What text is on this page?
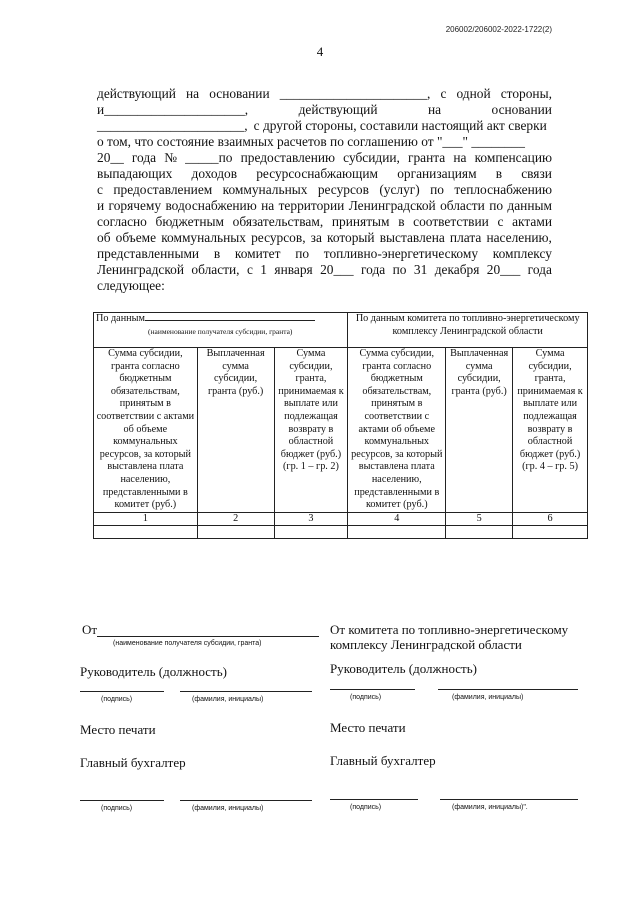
206002/206002-2022-1722(2)
4
действующий на основании ______________________, с одной стороны,
и_____________________,	действующий	на	основании
______________________, с другой стороны, составили настоящий акт сверки
о том, что состояние взаимных расчетов по соглашению от "___" ________
20__ года № _____по предоставлению субсидии, гранта на компенсацию
выпадающих доходов ресурсоснабжающим организациям в связи
с предоставлением коммунальных ресурсов (услуг) по теплоснабжению
и горячему водоснабжению на территории Ленинградской области по данным
согласно бюджетным обязательствам, принятым в соответствии с актами
об объеме коммунальных ресурсов, за который выставлена плата населению,
представленными в комитет по топливно-энергетическому комплексу
Ленинградской области, с 1 января 20___ года по 31 декабря 20___ года
следующее:
По данным
(наименование получателя субсидии, гранта)			По данным комитета по топливно-энергетическому комплексу Ленинградской области		
Сумма субсидии, гранта согласно бюджетным обязательствам, принятым в соответствии с актами об объеме коммунальных ресурсов, за который выставлена плата населению, представленными в комитет (руб.)	Выплаченная сумма субсидии, гранта (руб.)	Сумма субсидии, гранта, принимаемая к выплате или подлежащая возврату в областной бюджет (руб.) (гр. 1 – гр. 2)	Сумма субсидии, гранта согласно бюджетным обязательствам, принятым в соответствии с актами об объеме коммунальных ресурсов, за который выставлена плата населению, представленными в комитет (руб.)	Выплаченная сумма субсидии, гранта (руб.)	Сумма субсидии, гранта, принимаемая к выплате или подлежащая возврату в областной бюджет (руб.) (гр. 4 – гр. 5)
1	2	3	4	5	6

От
(наименование получателя субсидии, гранта)
Руководитель (должность)
(подпись)	(фамилия, инициалы)
Место печати
Главный бухгалтер
(подпись)	(фамилия, инициалы)
От комитета по топливно-энергетическому
комплексу Ленинградской области
Руководитель (должность)
(подпись)	(фамилия, инициалы)
Место печати
Главный бухгалтер
(подпись)	(фамилия, инициалы)".
